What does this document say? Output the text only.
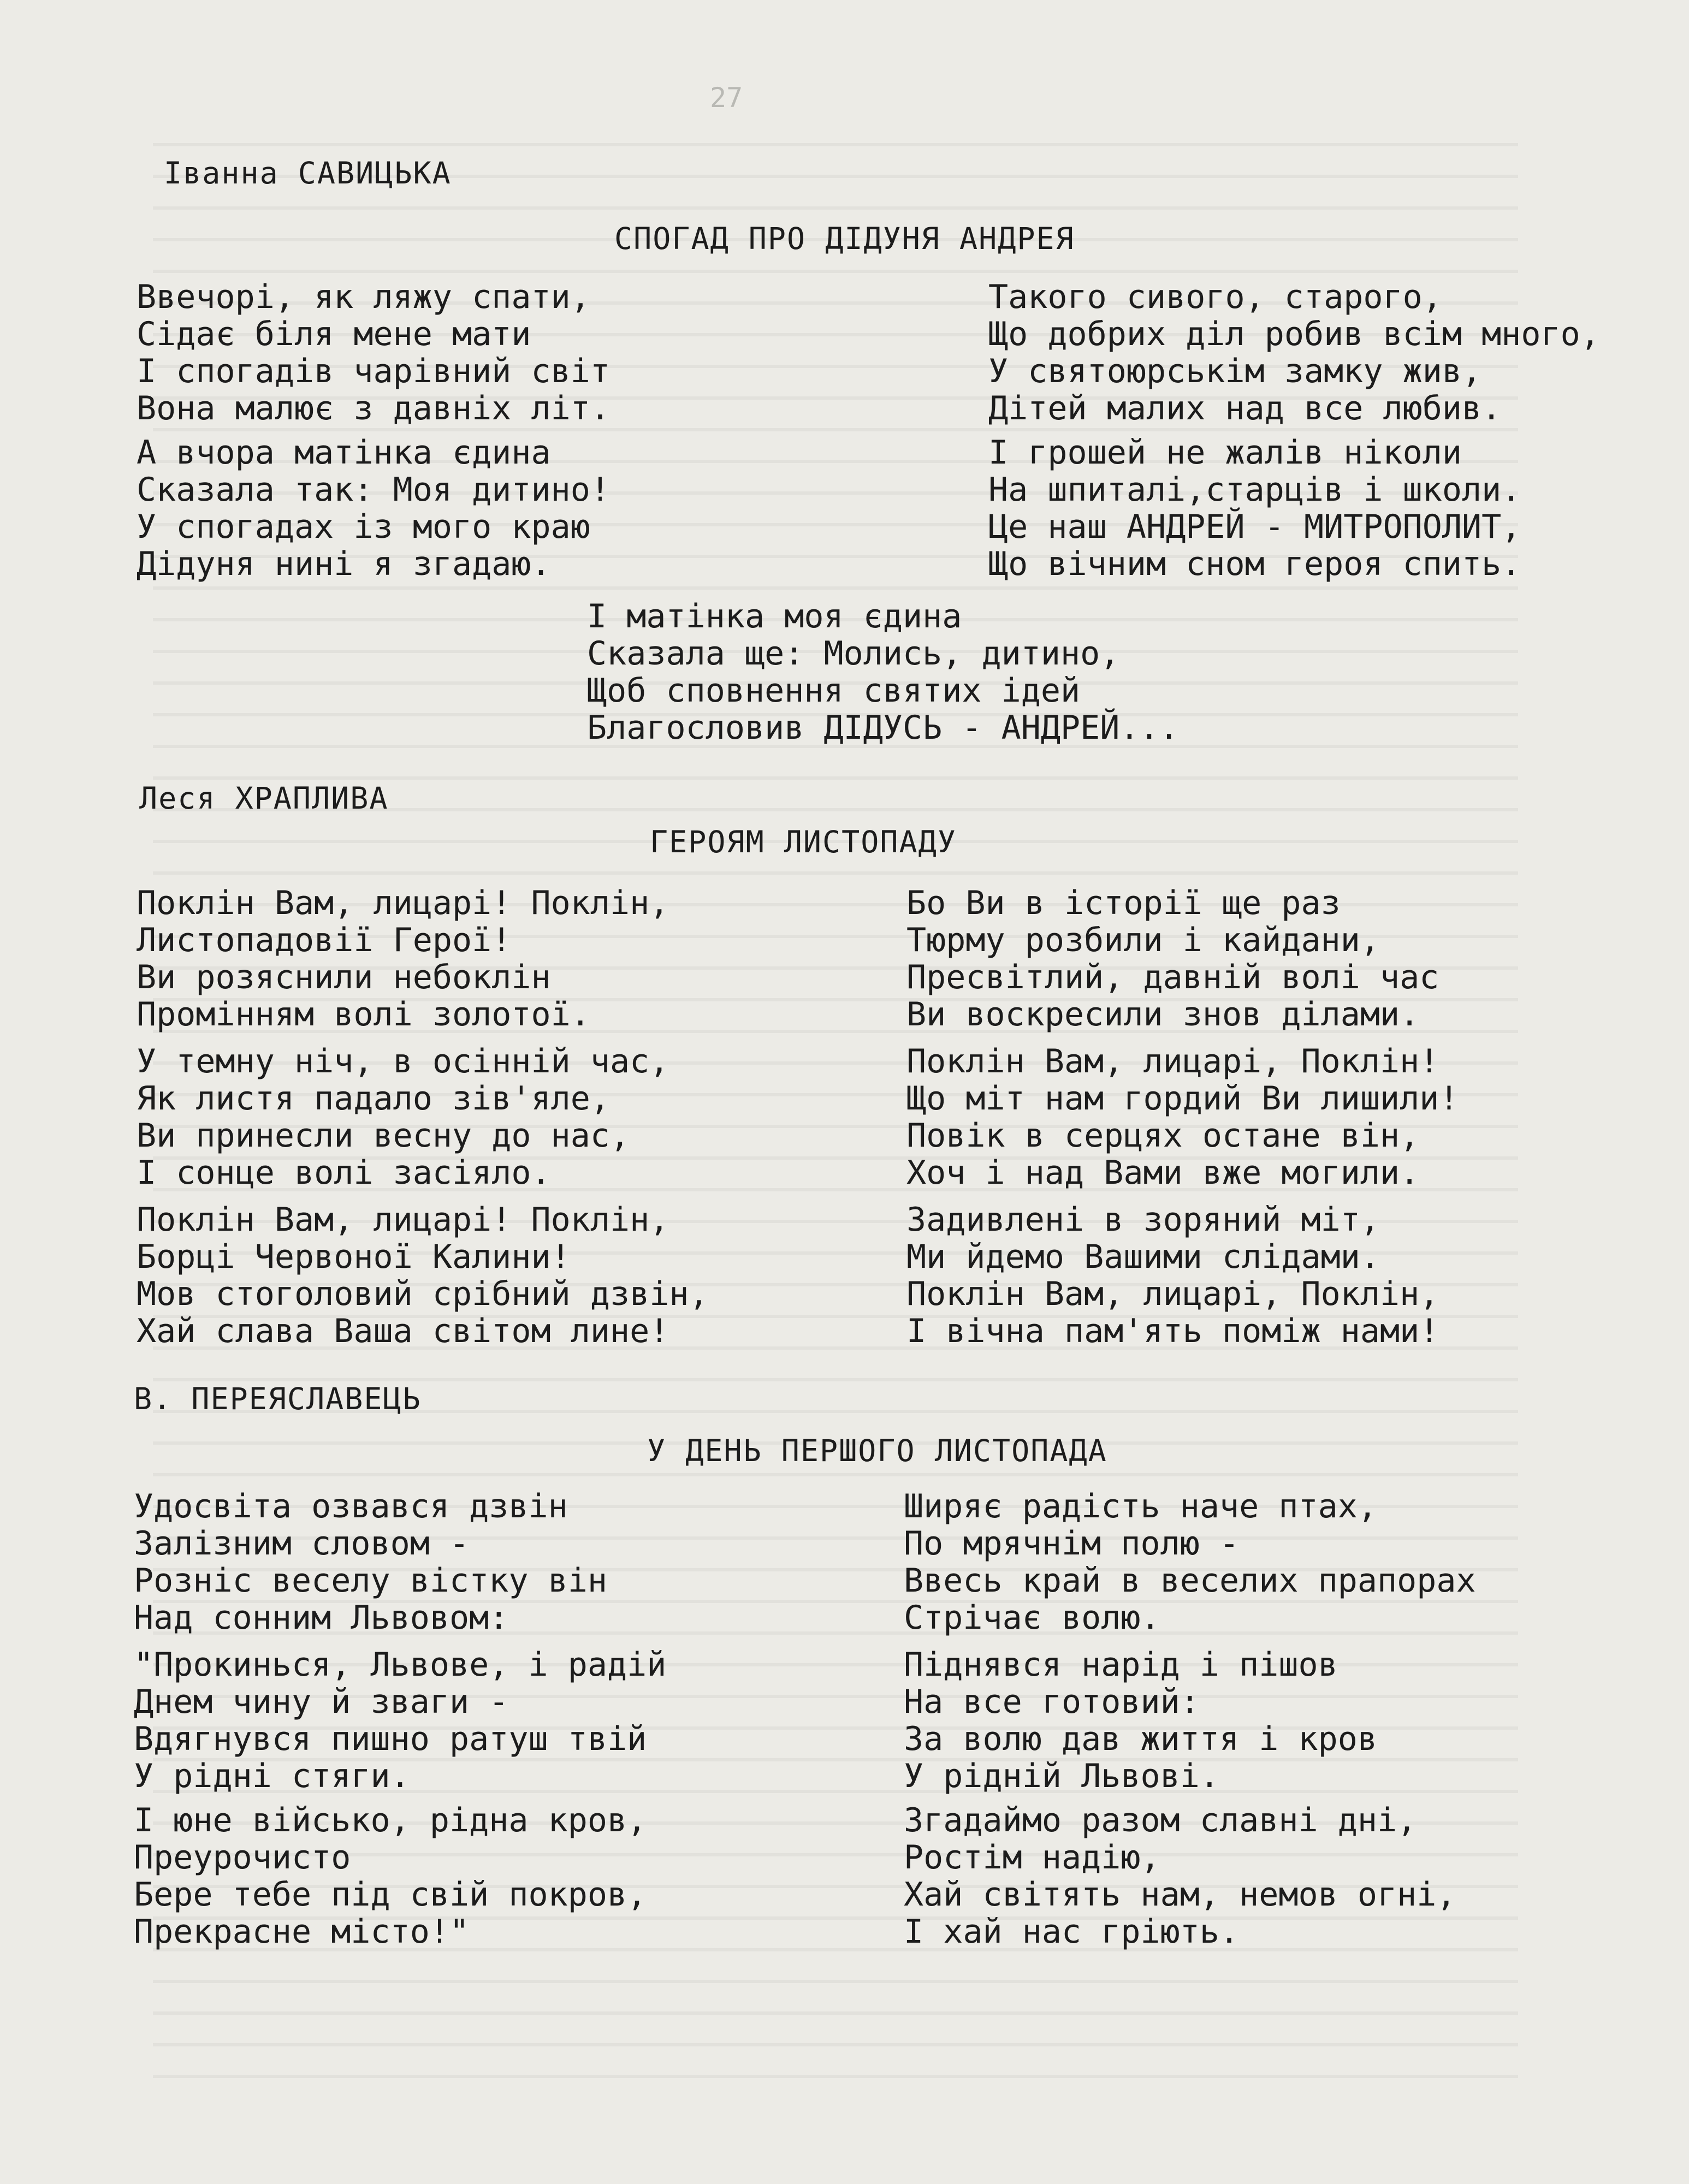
27
Іванна САВИЦЬКА
СПОГАД ПРО ДІДУНЯ АНДРЕЯ
Ввечорі, як ляжу спати,
Сідає біля мене мати
І спогадів чарівний світ
Вона малює з давніх літ.
А вчора матінка єдина
Сказала так: Моя дитино!
У спогадах із мого краю
Дідуня нині я згадаю.
Такого сивого, старого,
Що добрих діл робив всім много,
У святоюрськім замку жив,
Дітей малих над все любив.
І грошей не жалів ніколи
На шпиталі,старців і школи.
Це наш АНДРЕЙ - МИТРОПОЛИТ,
Що вічним сном героя спить.
І матінка моя єдина
Сказала ще: Молись, дитино,
Щоб сповнення святих ідей
Благословив ДІДУСЬ - АНДРЕЙ...
Леся ХРАПЛИВА
ГЕРОЯМ ЛИСТОПАДУ
Поклін Вам, лицарі! Поклін,
Листопадовії Герої!
Ви розяснили небоклін
Промінням волі золотої.
У темну ніч, в осінній час,
Як листя падало зів'яле,
Ви принесли весну до нас,
І сонце волі засіяло.
Поклін Вам, лицарі! Поклін,
Борці Червоної Калини!
Мов стоголовий срібний дзвін,
Хай слава Ваша світом лине!
Бо Ви в історії ще раз
Тюрму розбили і кайдани,
Пресвітлий, давній волі час
Ви воскресили знов ділами.
Поклін Вам, лицарі, Поклін!
Що міт нам гордий Ви лишили!
Повік в серцях остане він,
Хоч і над Вами вже могили.
Задивлені в зоряний міт,
Ми йдемо Вашими слідами.
Поклін Вам, лицарі, Поклін,
І вічна пам'ять поміж нами!
В. ПЕРЕЯСЛАВЕЦЬ
У ДЕНЬ ПЕРШОГО ЛИСТОПАДА
Удосвіта озвався дзвін
Залізним словом -
Розніс веселу вістку він
Над сонним Львовом:
"Прокинься, Львове, і радій
Днем чину й зваги -
Вдягнувся пишно ратуш твій
У рідні стяги.
І юне військо, рідна кров,
Преурочисто
Бере тебе під свій покров,
Прекрасне місто!"
Ширяє радість наче птах,
По мрячнім полю -
Ввесь край в веселих прапорах
Стрічає волю.
Піднявся нарід і пішов
На все готовий:
За волю дав життя і кров
У рідній Львові.
Згадаймо разом славні дні,
Ростім надію,
Хай світять нам, немов огні,
І хай нас гріють.
